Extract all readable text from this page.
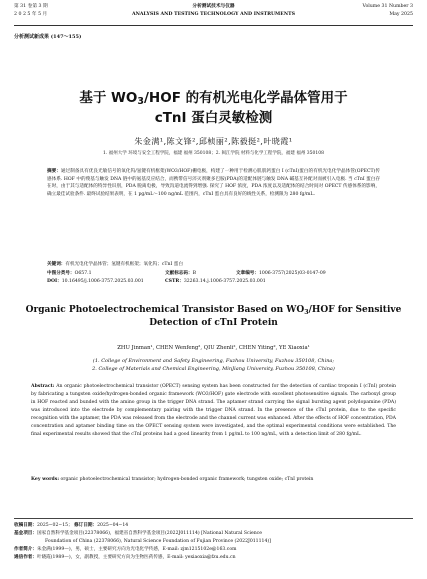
第 31 卷第 3 期
2 0 2 5 年 5 月
分析测试技术与仪器
ANALYSIS AND TESTING TECHNOLOGY AND INSTRUMENTS
Volume 31 Number 3
May 2025
分析测试新成果 (147～155)
基于 $WO_3$/HOF 的有机光电化学晶体管用于
cTnI 蛋白灵敏检测
朱金满¹,陈文锋²,邱桢丽²,陈毅挺²,叶晓霞¹
1. 福州大学 环境与安全工程学院，福建 福州 350108；2. 闽江学院 材料与化学工程学院，福建 福州 350108
摘要：通过制备具有优良光敏信号的氧化钨/氢键有机框架(WO3/HOF)栅电极，构建了一种用于检测心肌肌钙蛋白 I (cTnI)蛋白的有机光电化学晶体管(OPECT)传感体系. HOF 中的羧基与触发 DNA 链中的氨基反应结合，而携带信号淬灭剂聚多巴胺(PDA)的适配体链与触发 DNA 碱基互补配对而被引入电极. 当 cTnI 蛋白存在时，由于其与适配体的特异性识别，PDA 脱离电极，导致沟道电流得到增强. 探究了 HOF 浓度，PDA 浓度以及适配体的结合时间对 OPECT 传感体系的影响，确立最佳试验条件. 最终试验结果表明，在 1 pg/mL～100 ng/mL 范围内，cTnI 蛋白具有良好的线性关系，检测限为 280 fg/mL.
关键词：有机光电化学晶体管；氢键有机框架；氧化钨；cTnI 蛋白
中图分类号：O657.1	文献标志码：B	文章编号：1006-3757(2025)03-0147-09
DOI：10.16495/j.1006-3757.2025.03.001	CSTR：32263.14.j.1006-3757.2025.03.001
Organic Photoelectrochemical Transistor Based on $WO_3$/HOF for Sensitive
Detection of cTnI Protein
ZHU Jinman¹, CHEN Wenfeng², QIU Zhenli², CHEN Yiting², YE Xiaoxia¹
(1. College of Environment and Safety Engineering, Fuzhou University, Fuzhou 350108, China;
2. College of Materials and Chemical Engineering, MinJiang University, Fuzhou 350108, China)
Abstract: An organic photoelectrochemical transistor (OPECT) sensing system has been constructed for the detection of cardiac troponin I (cTnI) protein by fabricating a tungsten oxide/hydrogen-bonded organic framework (WO3/HOF) gate electrode with excellent photosensitive signals. The carboxyl group in HOF reacted and bunded with the amino group in the trigger DNA strand. The aptamer strand carrying the signal bursting agent polydopamine (PDA) was introduced into the electrode by complementary pairing with the trigger DNA strand. In the presence of the cTnI protein, due to the specific recognition with the aptamer, the PDA was released from the electrode and the channel current was enhanced. After the effects of HOF concentration, PDA concentration and aptamer binding time on the OPECT sensing system were investigated, and the optimal experimental conditions were established. The final experimental results showed that the cTnI proteins had a good linearity from 1 pg/mL to 100 ng/mL, with a detection limit of 280 fg/mL.
Key words: organic photoelectrochemical transistor; hydrogen-bonded organic framework; tungsten oxide; cTnI protein
收稿日期：2025−02−15； 修订日期：2025−04−14
基金项目：国家自然科学基金项目(22378066)，福建省自然科学基金项目(2022J011114) [National Natural Science
Foundation of China (22378066), Natural Science Foundation of Fujian Province (2022J011114)]
作者简介：朱金满(1999—)，男，硕士，主要研究方向为光电化学传感，E-mail: zjm1215102e@163.com
通信作者：叶晓霞(1989—)，女，副教授，主要研究方向为生物医药传感，E-mail: yexiaoxia@fzu.edu.cn
